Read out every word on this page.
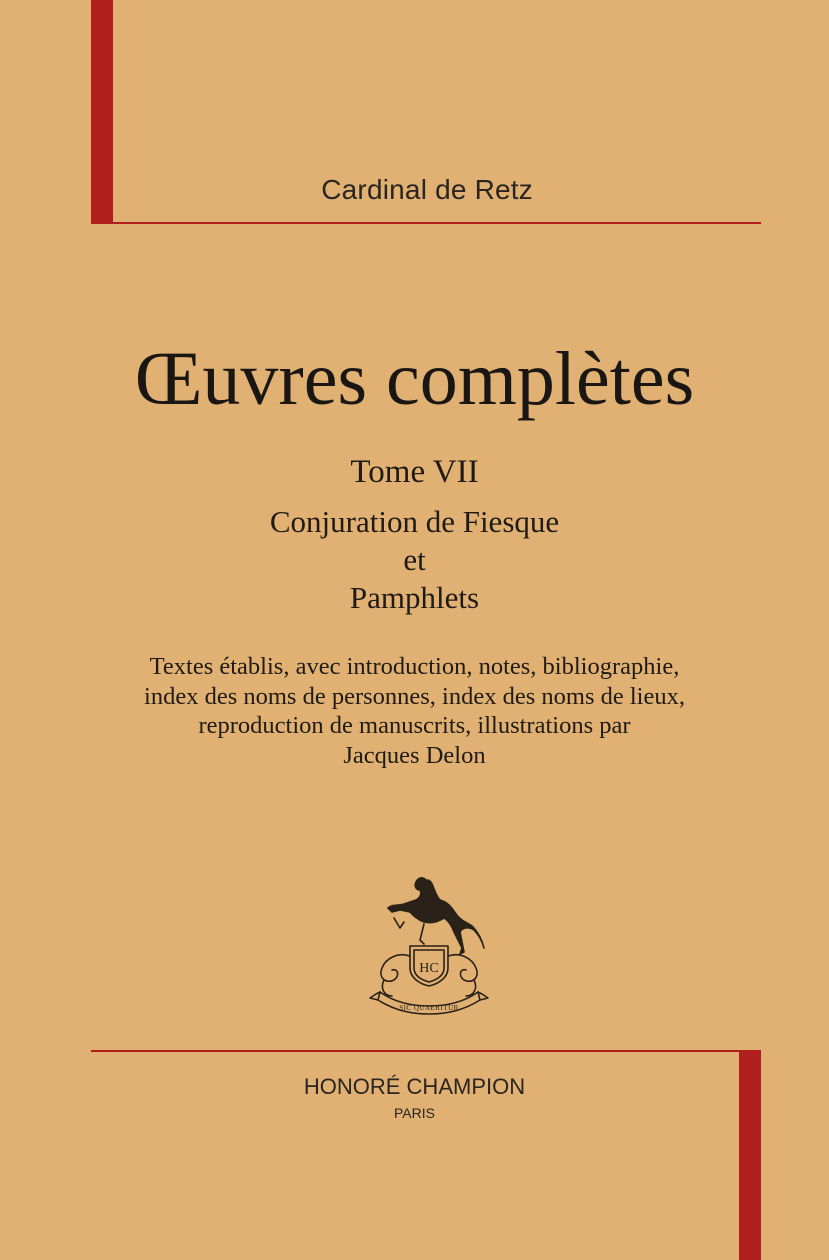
Cardinal de Retz
Œuvres complètes
Tome VII
Conjuration de Fiesque
et
Pamphlets
Textes établis, avec introduction, notes, bibliographie,
index des noms de personnes, index des noms de lieux,
reproduction de manuscrits, illustrations par
Jacques Delon
HC
SIC QUAERITUR
HONORÉ CHAMPION
PARIS
